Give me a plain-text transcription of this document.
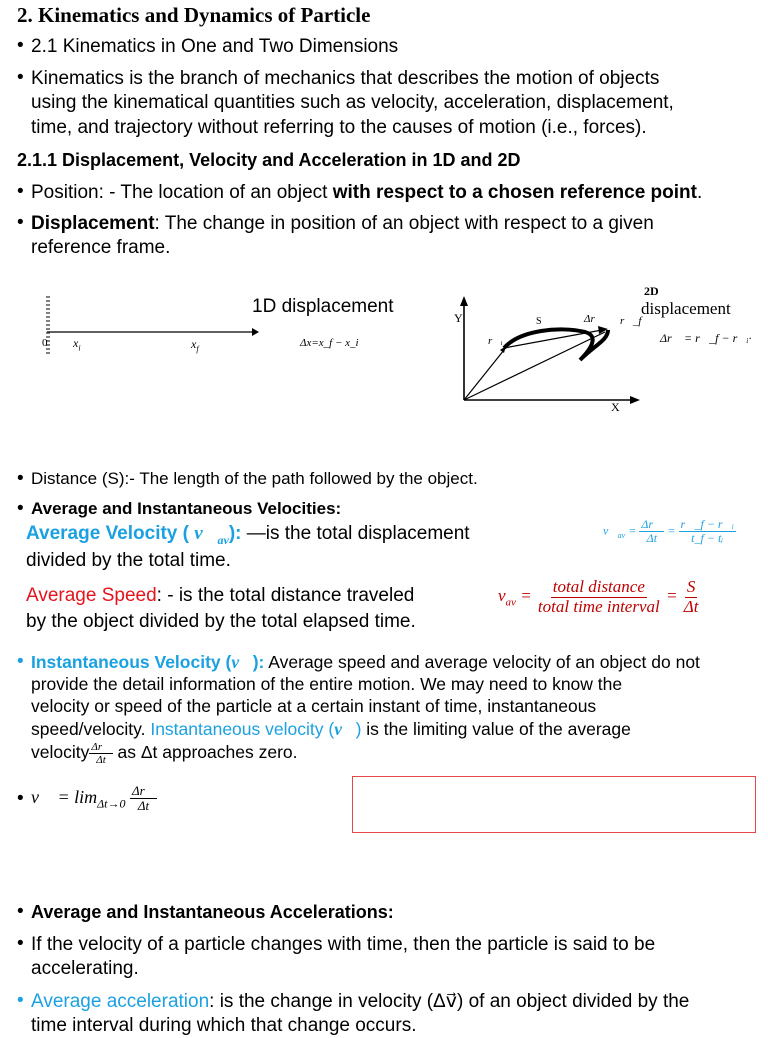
2. Kinematics and Dynamics of Particle
• 2.1 Kinematics in One and Two Dimensions
• Kinematics is the branch of mechanics that describes the motion of objects
using the kinematical quantities such as velocity, acceleration, displacement,
time, and trajectory without referring to the causes of motion (i.e., forces).
2.1.1 Displacement, Velocity and Acceleration in 1D and 2D
• Position: - The location of an object with respect to a chosen reference point.
• Displacement: The change in position of an object with respect to a given
reference frame.
0 $x_i$	$x_f$
1D displacement
Δx=x_f − x_i
Y
X
S	Δr⃗
r⃗ᵢ
r⃗_f
2D
displacement
Δr⃗ = r⃗_f − r⃗ᵢ·
• Distance (S):- The length of the path followed by the object.
• Average and Instantaneous Velocities:
Average Velocity ( $v⃗_{av}$): —is the total displacement
divided by the total time.
$v⃗_{av} = \frac{\Delta r⃗}{\Delta t} = \frac{\text{r⃗\_f − r⃗ᵢ}}{\text{t\_f − tᵢ}}$
Average Speed: - is the total distance traveled
by the object divided by the total elapsed time.
$v_{av} = \frac{\text{total distance}}{\text{total time interval}} = \frac{S}{\Delta t}$
• Instantaneous Velocity (v⃗): Average speed and average velocity of an object do not
provide the detail information of the entire motion. We may need to know the
velocity or speed of the particle at a certain instant of time, instantaneous
speed/velocity. Instantaneous velocity (v⃗) is the limiting value of the average
velocity $\frac{\Delta r⃗}{\Delta t}$ as Δt approaches zero.
• v⃗ = $\lim_{\Delta t\to 0} \frac{\Delta r⃗}{\Delta t}$
• Average and Instantaneous Accelerations:
• If the velocity of a particle changes with time, then the particle is said to be
accelerating.
• Average acceleration: is the change in velocity (Δv⃗) of an object divided by the
time interval during which that change occurs.
